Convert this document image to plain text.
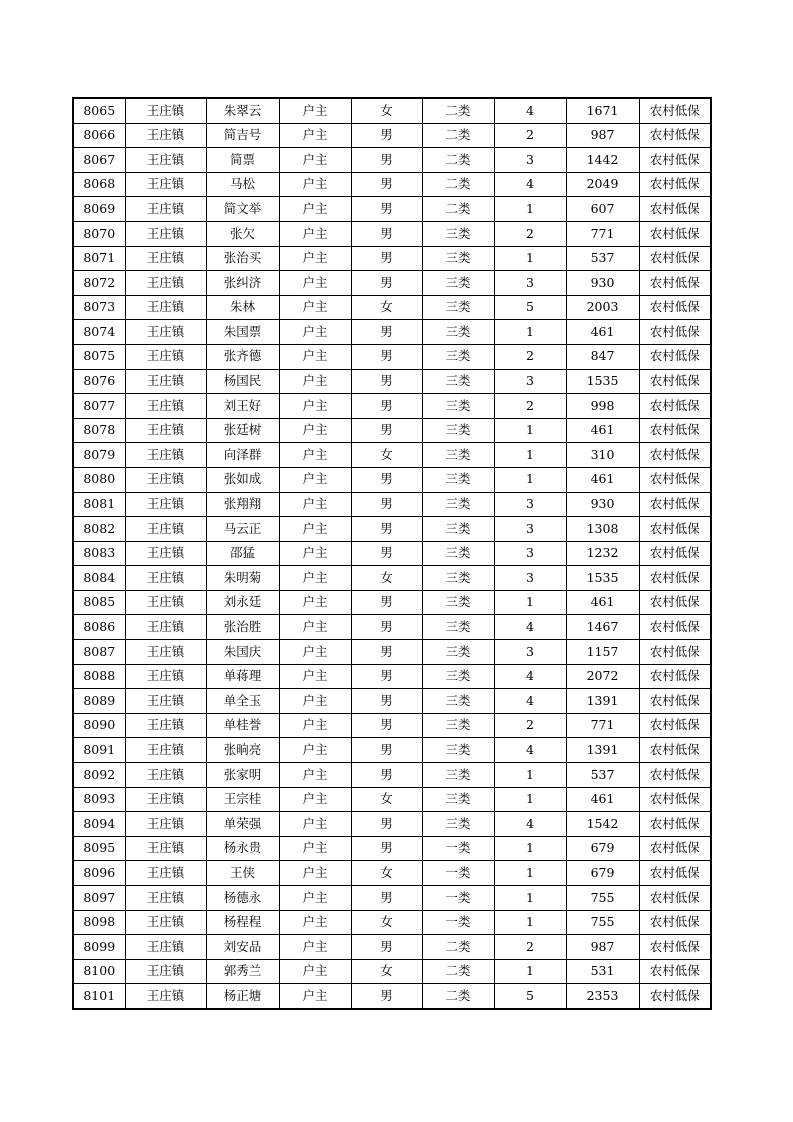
8065	王庄镇	朱翠云	户主	女	二类	4	1671	农村低保
8066	王庄镇	简吉号	户主	男	二类	2	987	农村低保
8067	王庄镇	简票	户主	男	二类	3	1442	农村低保
8068	王庄镇	马松	户主	男	二类	4	2049	农村低保
8069	王庄镇	简文举	户主	男	二类	1	607	农村低保
8070	王庄镇	张欠	户主	男	三类	2	771	农村低保
8071	王庄镇	张治买	户主	男	三类	1	537	农村低保
8072	王庄镇	张纠济	户主	男	三类	3	930	农村低保
8073	王庄镇	朱林	户主	女	三类	5	2003	农村低保
8074	王庄镇	朱国票	户主	男	三类	1	461	农村低保
8075	王庄镇	张齐德	户主	男	三类	2	847	农村低保
8076	王庄镇	杨国民	户主	男	三类	3	1535	农村低保
8077	王庄镇	刘王好	户主	男	三类	2	998	农村低保
8078	王庄镇	张廷树	户主	男	三类	1	461	农村低保
8079	王庄镇	向泽群	户主	女	三类	1	310	农村低保
8080	王庄镇	张如成	户主	男	三类	1	461	农村低保
8081	王庄镇	张翔翔	户主	男	三类	3	930	农村低保
8082	王庄镇	马云正	户主	男	三类	3	1308	农村低保
8083	王庄镇	邵猛	户主	男	三类	3	1232	农村低保
8084	王庄镇	朱明菊	户主	女	三类	3	1535	农村低保
8085	王庄镇	刘永廷	户主	男	三类	1	461	农村低保
8086	王庄镇	张治胜	户主	男	三类	4	1467	农村低保
8087	王庄镇	朱国庆	户主	男	三类	3	1157	农村低保
8088	王庄镇	单蒋理	户主	男	三类	4	2072	农村低保
8089	王庄镇	单全玉	户主	男	三类	4	1391	农村低保
8090	王庄镇	单桂誉	户主	男	三类	2	771	农村低保
8091	王庄镇	张晌亮	户主	男	三类	4	1391	农村低保
8092	王庄镇	张家明	户主	男	三类	1	537	农村低保
8093	王庄镇	王宗桂	户主	女	三类	1	461	农村低保
8094	王庄镇	单荣强	户主	男	三类	4	1542	农村低保
8095	王庄镇	杨永贵	户主	男	一类	1	679	农村低保
8096	王庄镇	王侠	户主	女	一类	1	679	农村低保
8097	王庄镇	杨德永	户主	男	一类	1	755	农村低保
8098	王庄镇	杨程程	户主	女	一类	1	755	农村低保
8099	王庄镇	刘安品	户主	男	二类	2	987	农村低保
8100	王庄镇	郭秀兰	户主	女	二类	1	531	农村低保
8101	王庄镇	杨正塘	户主	男	二类	5	2353	农村低保
